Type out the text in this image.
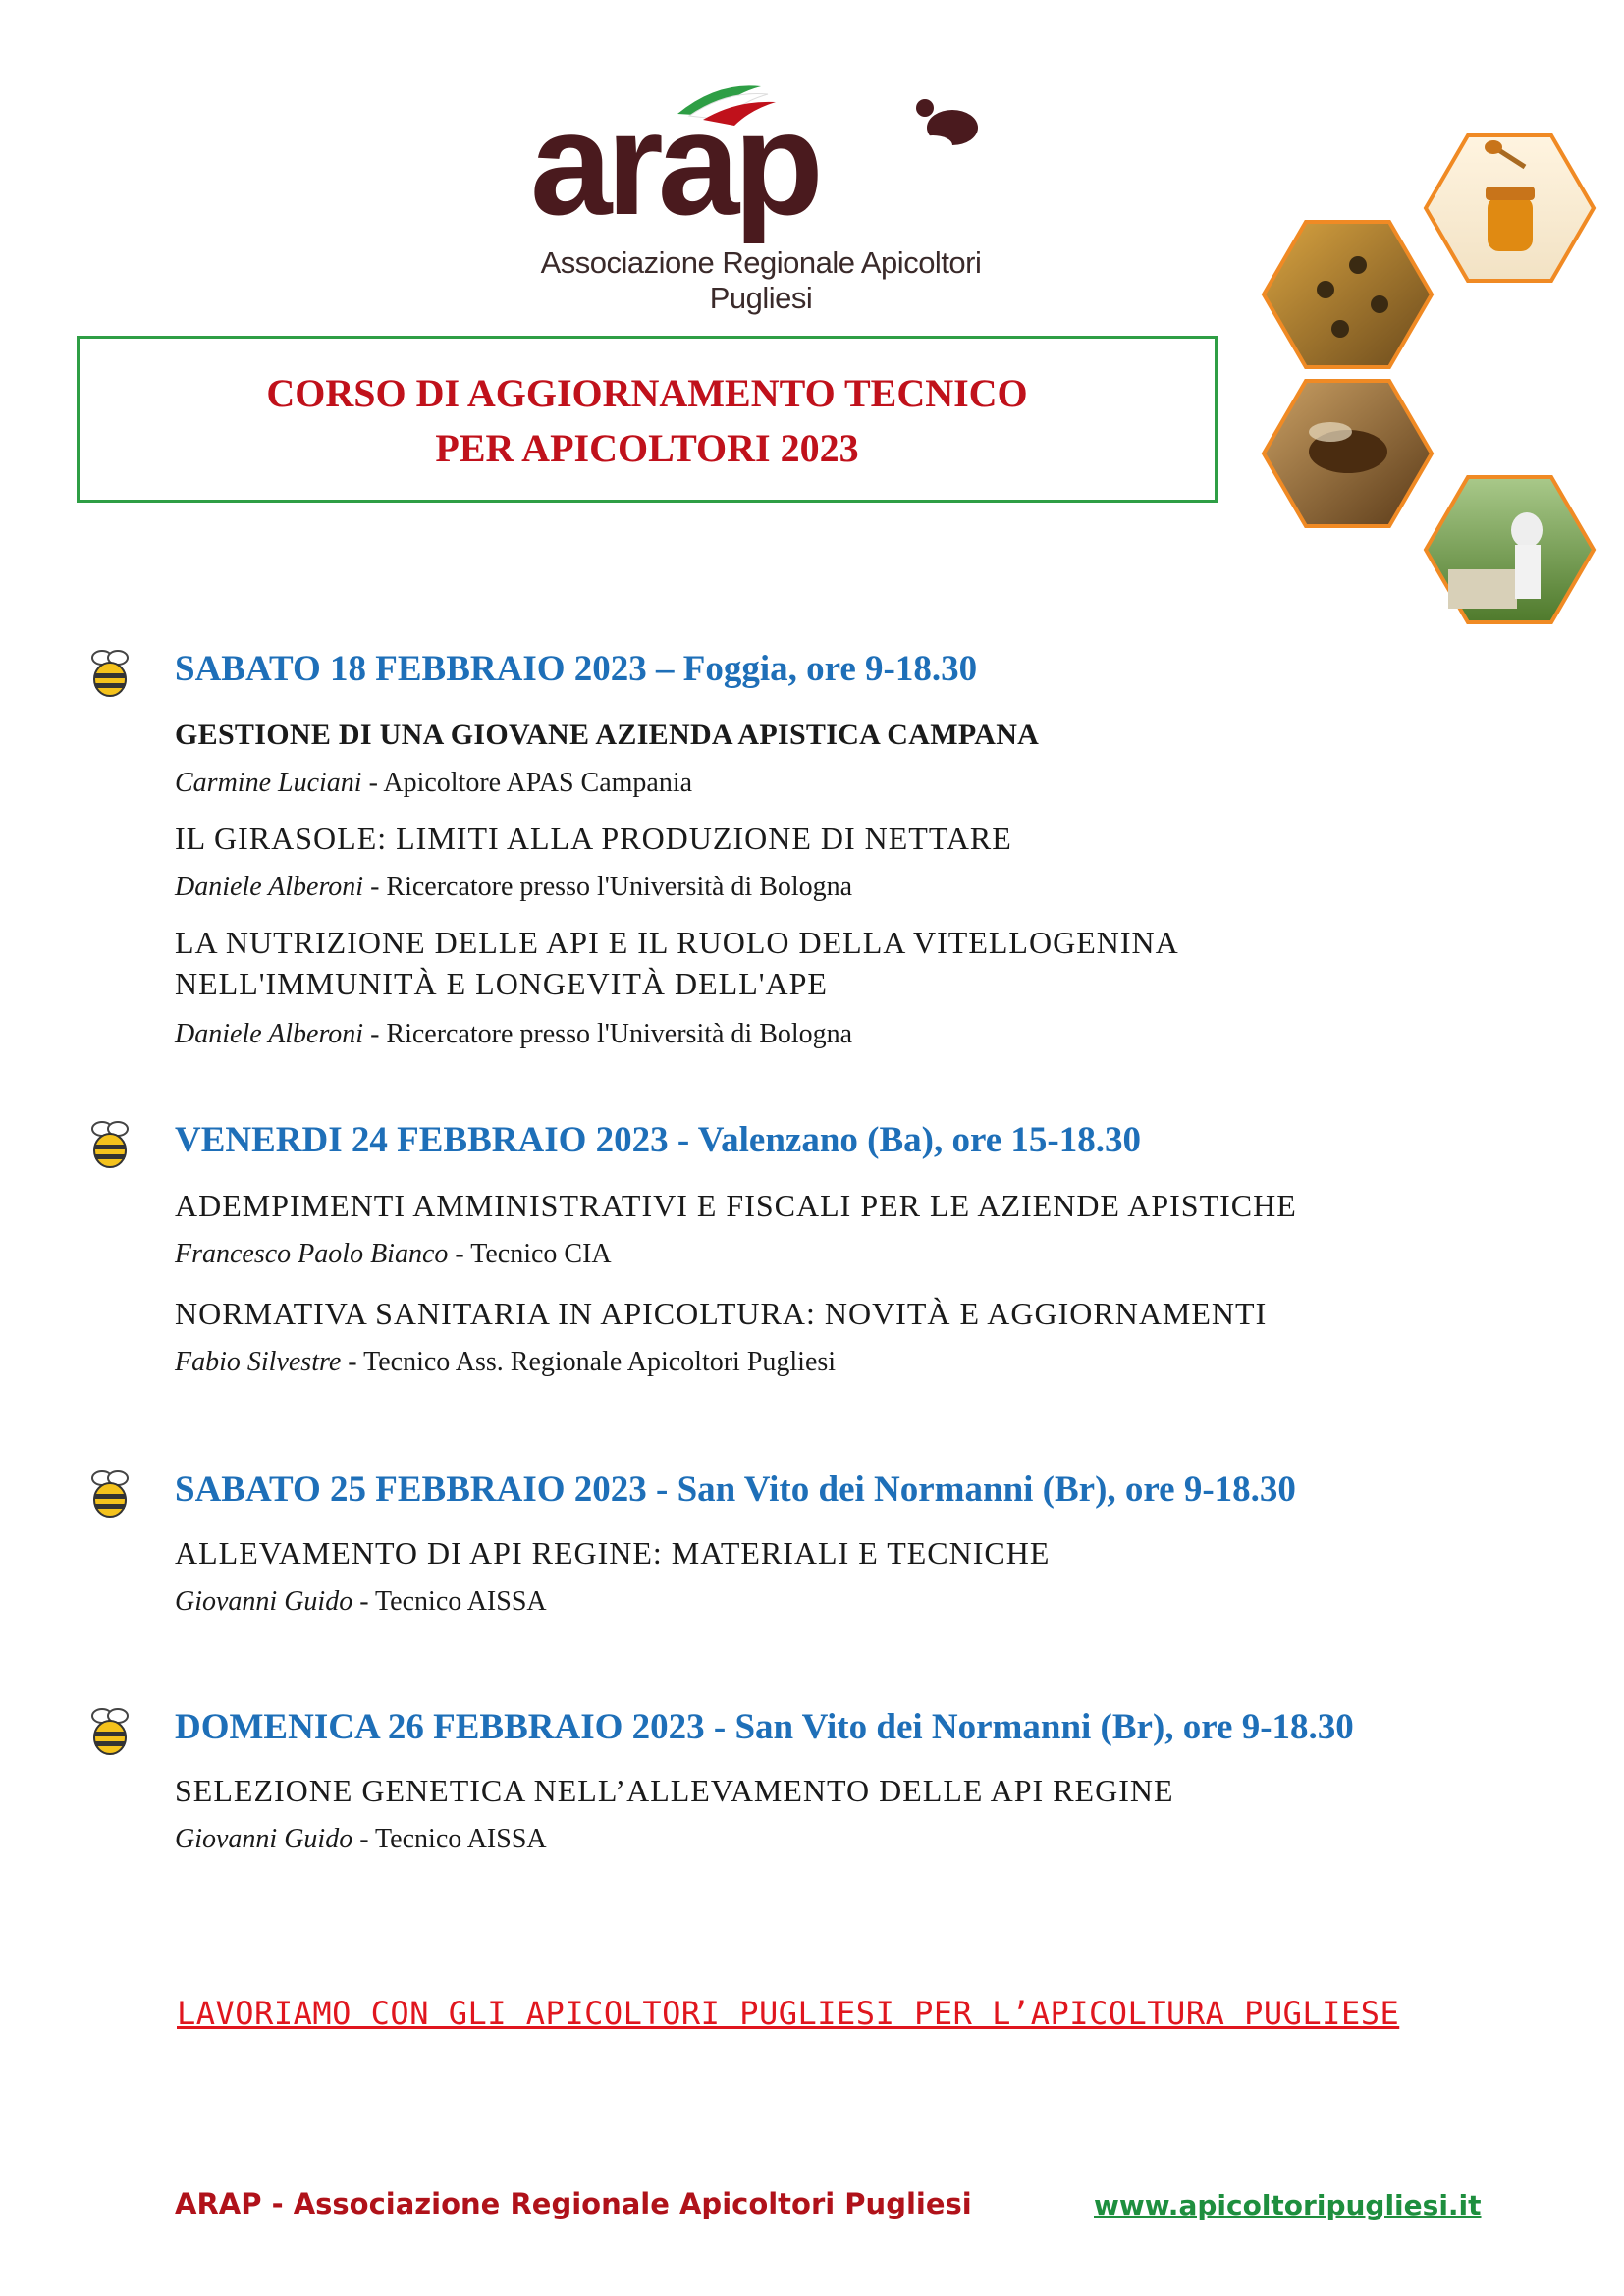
arap
Associazione Regionale Apicoltori Pugliesi
CORSO DI AGGIORNAMENTO TECNICO
PER APICOLTORI 2023
SABATO 18 FEBBRAIO 2023 – Foggia, ore 9-18.30
GESTIONE DI UNA GIOVANE AZIENDA APISTICA CAMPANA
Carmine Luciani - Apicoltore APAS Campania
IL GIRASOLE: LIMITI ALLA PRODUZIONE DI NETTARE
Daniele Alberoni - Ricercatore presso l'Università di Bologna
LA NUTRIZIONE DELLE API E IL RUOLO DELLA VITELLOGENINA
NELL'IMMUNITÀ E LONGEVITÀ DELL'APE
Daniele Alberoni - Ricercatore presso l'Università di Bologna
VENERDI 24 FEBBRAIO 2023 - Valenzano (Ba), ore 15-18.30
ADEMPIMENTI AMMINISTRATIVI E FISCALI PER LE AZIENDE APISTICHE
Francesco Paolo Bianco - Tecnico CIA
NORMATIVA SANITARIA IN APICOLTURA: NOVITÀ E AGGIORNAMENTI
Fabio Silvestre - Tecnico Ass. Regionale Apicoltori Pugliesi
SABATO 25 FEBBRAIO 2023 - San Vito dei Normanni (Br), ore 9-18.30
ALLEVAMENTO DI API REGINE: MATERIALI E TECNICHE
Giovanni Guido - Tecnico AISSA
DOMENICA 26 FEBBRAIO 2023 - San Vito dei Normanni (Br), ore 9-18.30
SELEZIONE GENETICA NELL’ALLEVAMENTO DELLE API REGINE
Giovanni Guido - Tecnico AISSA
LAVORIAMO CON GLI APICOLTORI PUGLIESI PER L’APICOLTURA PUGLIESE
ARAP - Associazione Regionale Apicoltori Pugliesi	www.apicoltoripugliesi.it
